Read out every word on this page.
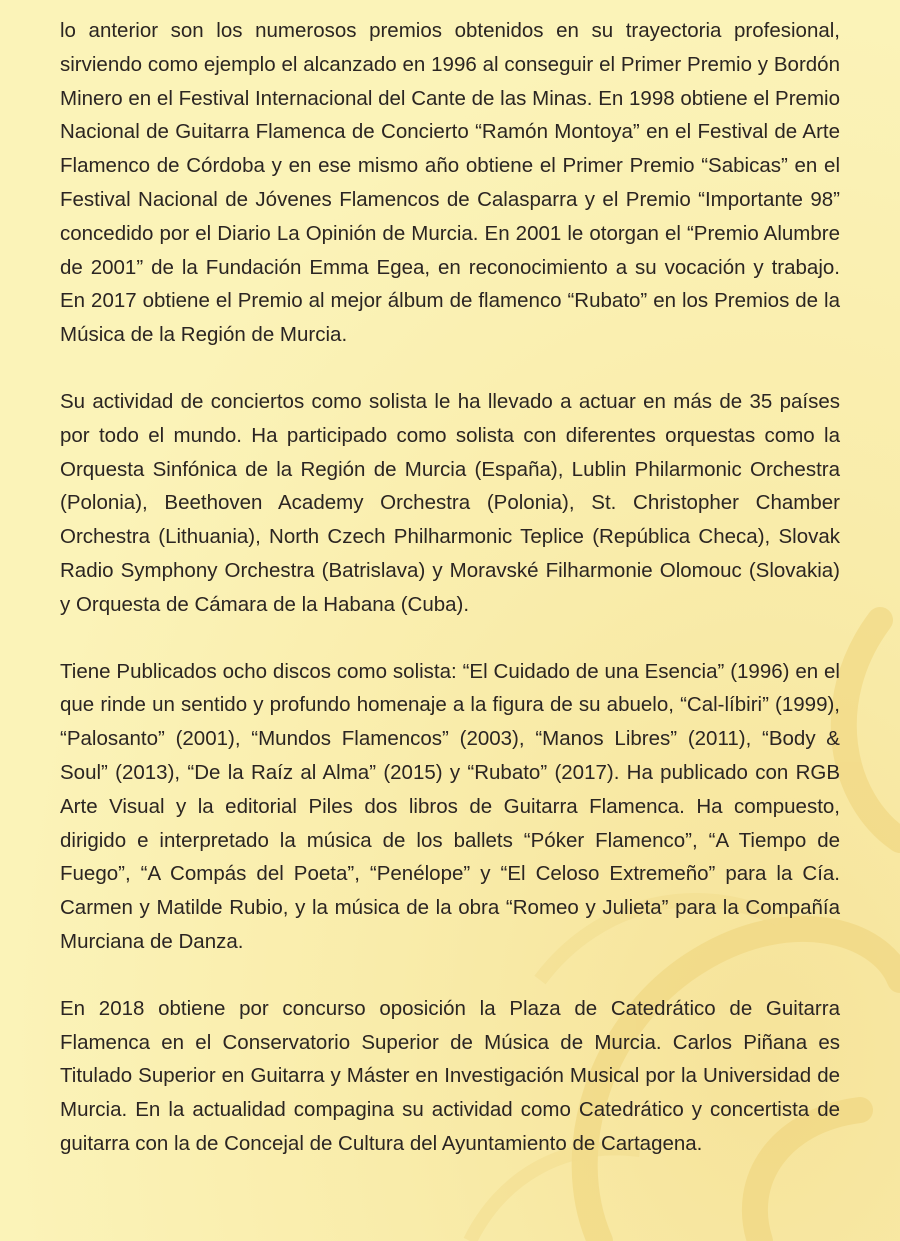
lo anterior son los numerosos premios obtenidos en su trayectoria profesional, sirviendo como ejemplo el alcanzado en 1996 al conseguir el Primer Premio y Bordón Minero en el Festival Internacional del Cante de las Minas. En 1998 obtiene el Premio Nacional de Guitarra Flamenca de Concierto “Ramón Montoya” en el Festival de Arte Flamenco de Córdoba y en ese mismo año obtiene el Primer Premio “Sabicas” en el Festival Nacional de Jóvenes Flamencos de Calasparra y el Premio “Importante 98” concedido por el Diario La Opinión de Murcia. En 2001 le otorgan el “Premio Alumbre de 2001” de la Fundación Emma Egea, en reconocimiento a su vocación y trabajo. En 2017 obtiene el Premio al mejor álbum de flamenco “Rubato” en los Premios de la Música de la Región de Murcia.

Su actividad de conciertos como solista le ha llevado a actuar en más de 35 países por todo el mundo. Ha participado como solista con diferentes orquestas como la Orquesta Sinfónica de la Región de Murcia (España), Lublin Philarmonic Orchestra (Polonia), Beethoven Academy Orchestra (Polonia), St. Christopher Chamber Orchestra (Lithuania), North Czech Philharmonic Teplice (República Checa), Slovak Radio Symphony Orchestra (Batrislava) y Moravské Filharmonie Olomouc (Slovakia) y Orquesta de Cámara de la Habana (Cuba).

Tiene Publicados ocho discos como solista: “El Cuidado de una Esencia” (1996) en el que rinde un sentido y profundo homenaje a la figura de su abuelo, “Cal-líbiri” (1999), “Palosanto” (2001), “Mundos Flamencos” (2003), “Manos Libres” (2011), “Body & Soul” (2013), “De la Raíz al Alma” (2015) y “Rubato” (2017). Ha publicado con RGB Arte Visual y la editorial Piles dos libros de Guitarra Flamenca. Ha compuesto, dirigido e interpretado la música de los ballets “Póker Flamenco”, “A Tiempo de Fuego”, “A Compás del Poeta”, “Penélope” y “El Celoso Extremeño” para la Cía. Carmen y Matilde Rubio, y la música de la obra “Romeo y Julieta” para la Compañía Murciana de Danza.

En 2018 obtiene por concurso oposición la Plaza de Catedrático de Guitarra Flamenca en el Conservatorio Superior de Música de Murcia. Carlos Piñana es Titulado Superior en Guitarra y Máster en Investigación Musical por la Universidad de Murcia. En la actualidad compagina su actividad como Catedrático y concertista de guitarra con la de Concejal de Cultura del Ayuntamiento de Cartagena.
